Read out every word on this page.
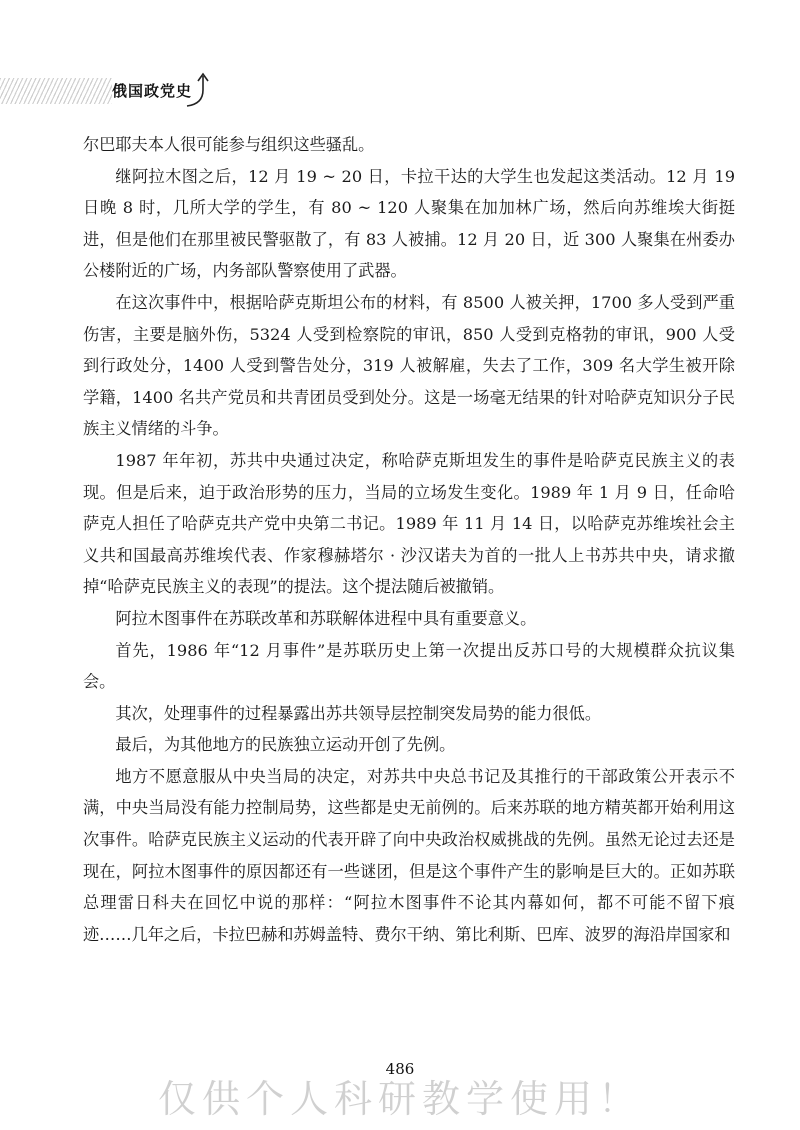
俄国政党史

尔巴耶夫本人很可能参与组织这些骚乱。

继阿拉木图之后，12 月 19 ~ 20 日，卡拉干达的大学生也发起这类活动。12 月 19 日晚 8 时，几所大学的学生，有 80 ~ 120 人聚集在加加林广场，然后向苏维埃大街挺进，但是他们在那里被民警驱散了，有 83 人被捕。12 月 20 日，近 300 人聚集在州委办公楼附近的广场，内务部队警察使用了武器。

在这次事件中，根据哈萨克斯坦公布的材料，有 8500 人被关押，1700 多人受到严重伤害，主要是脑外伤，5324 人受到检察院的审讯，850 人受到克格勃的审讯，900 人受到行政处分，1400 人受到警告处分，319 人被解雇，失去了工作，309 名大学生被开除学籍，1400 名共产党员和共青团员受到处分。这是一场毫无结果的针对哈萨克知识分子民族主义情绪的斗争。

1987 年年初，苏共中央通过决定，称哈萨克斯坦发生的事件是哈萨克民族主义的表现。但是后来，迫于政治形势的压力，当局的立场发生变化。1989 年 1 月 9 日，任命哈萨克人担任了哈萨克共产党中央第二书记。1989 年 11 月 14 日，以哈萨克苏维埃社会主义共和国最高苏维埃代表、作家穆赫塔尔 · 沙汉诺夫为首的一批人上书苏共中央，请求撤掉“哈萨克民族主义的表现”的提法。这个提法随后被撤销。

阿拉木图事件在苏联改革和苏联解体进程中具有重要意义。

首先，1986 年“12 月事件”是苏联历史上第一次提出反苏口号的大规模群众抗议集会。

其次，处理事件的过程暴露出苏共领导层控制突发局势的能力很低。

最后，为其他地方的民族独立运动开创了先例。

地方不愿意服从中央当局的决定，对苏共中央总书记及其推行的干部政策公开表示不满，中央当局没有能力控制局势，这些都是史无前例的。后来苏联的地方精英都开始利用这次事件。哈萨克民族主义运动的代表开辟了向中央政治权威挑战的先例。虽然无论过去还是现在，阿拉木图事件的原因都还有一些谜团，但是这个事件产生的影响是巨大的。正如苏联总理雷日科夫在回忆中说的那样：“阿拉木图事件不论其内幕如何，都不可能不留下痕迹……几年之后，卡拉巴赫和苏姆盖特、费尔干纳、第比利斯、巴库、波罗的海沿岸国家和

486
仅供个人科研教学使用！
